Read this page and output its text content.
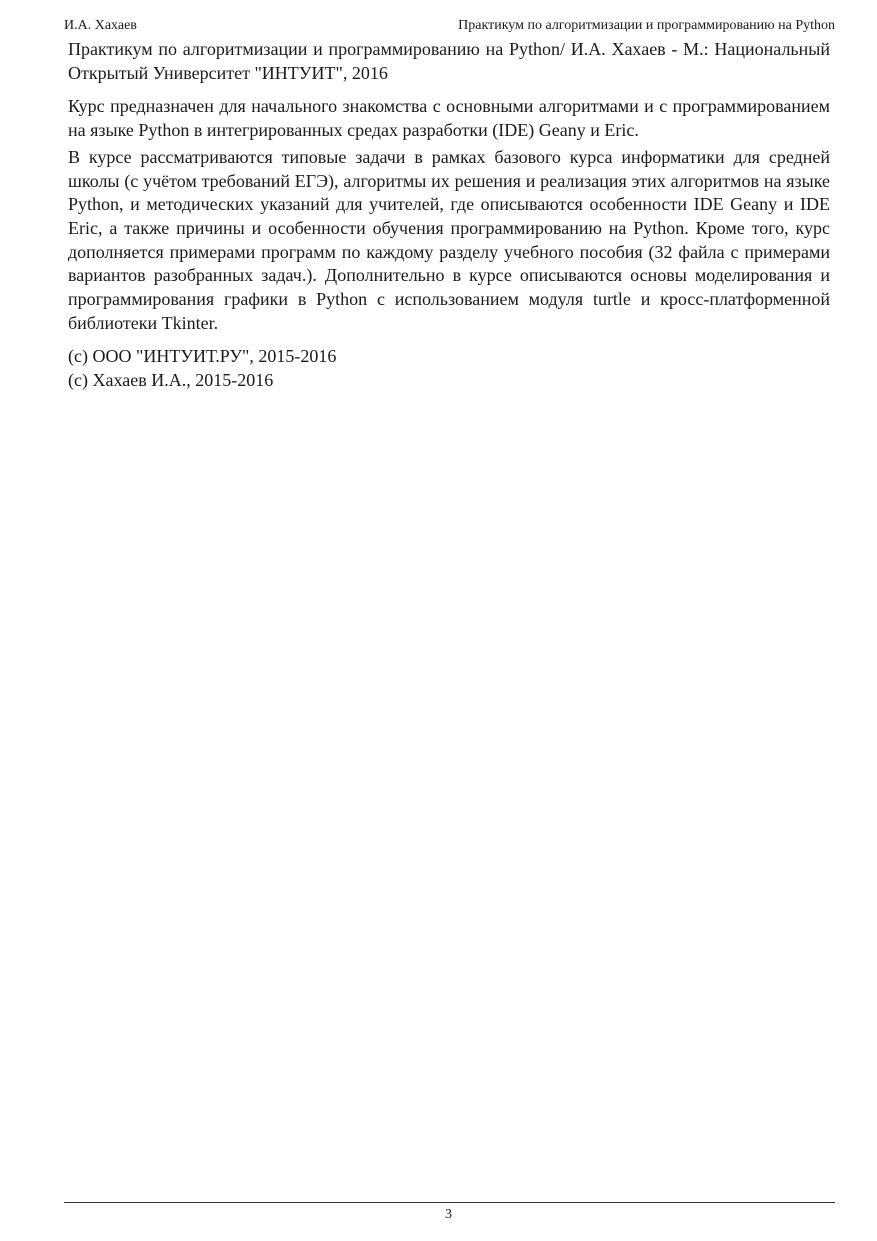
И.А. Хахаев	Практикум по алгоритмизации и программированию на Python

Практикум по алгоритмизации и программированию на Python/ И.А. Хахаев - М.: Национальный Открытый Университет "ИНТУИТ", 2016

Курс предназначен для начального знакомства с основными алгоритмами и с программированием на языке Python в интегрированных средах разработки (IDE) Geany и Eric.

В курсе рассматриваются типовые задачи в рамках базового курса информатики для средней школы (с учётом требований ЕГЭ), алгоритмы их решения и реализация этих алгоритмов на языке Python, и методических указаний для учителей, где описываются особенности IDE Geany и IDE Eric, а также причины и особенности обучения программированию на Python. Кроме того, курс дополняется примерами программ по каждому разделу учебного пособия (32 файла с примерами вариантов разобранных задач.). Дополнительно в курсе описываются основы моделирования и программирования графики в Python с использованием модуля turtle и кросс-платформенной библиотеки Tkinter.

(c) ООО "ИНТУИТ.РУ", 2015-2016

(c) Хахаев И.А., 2015-2016

3
